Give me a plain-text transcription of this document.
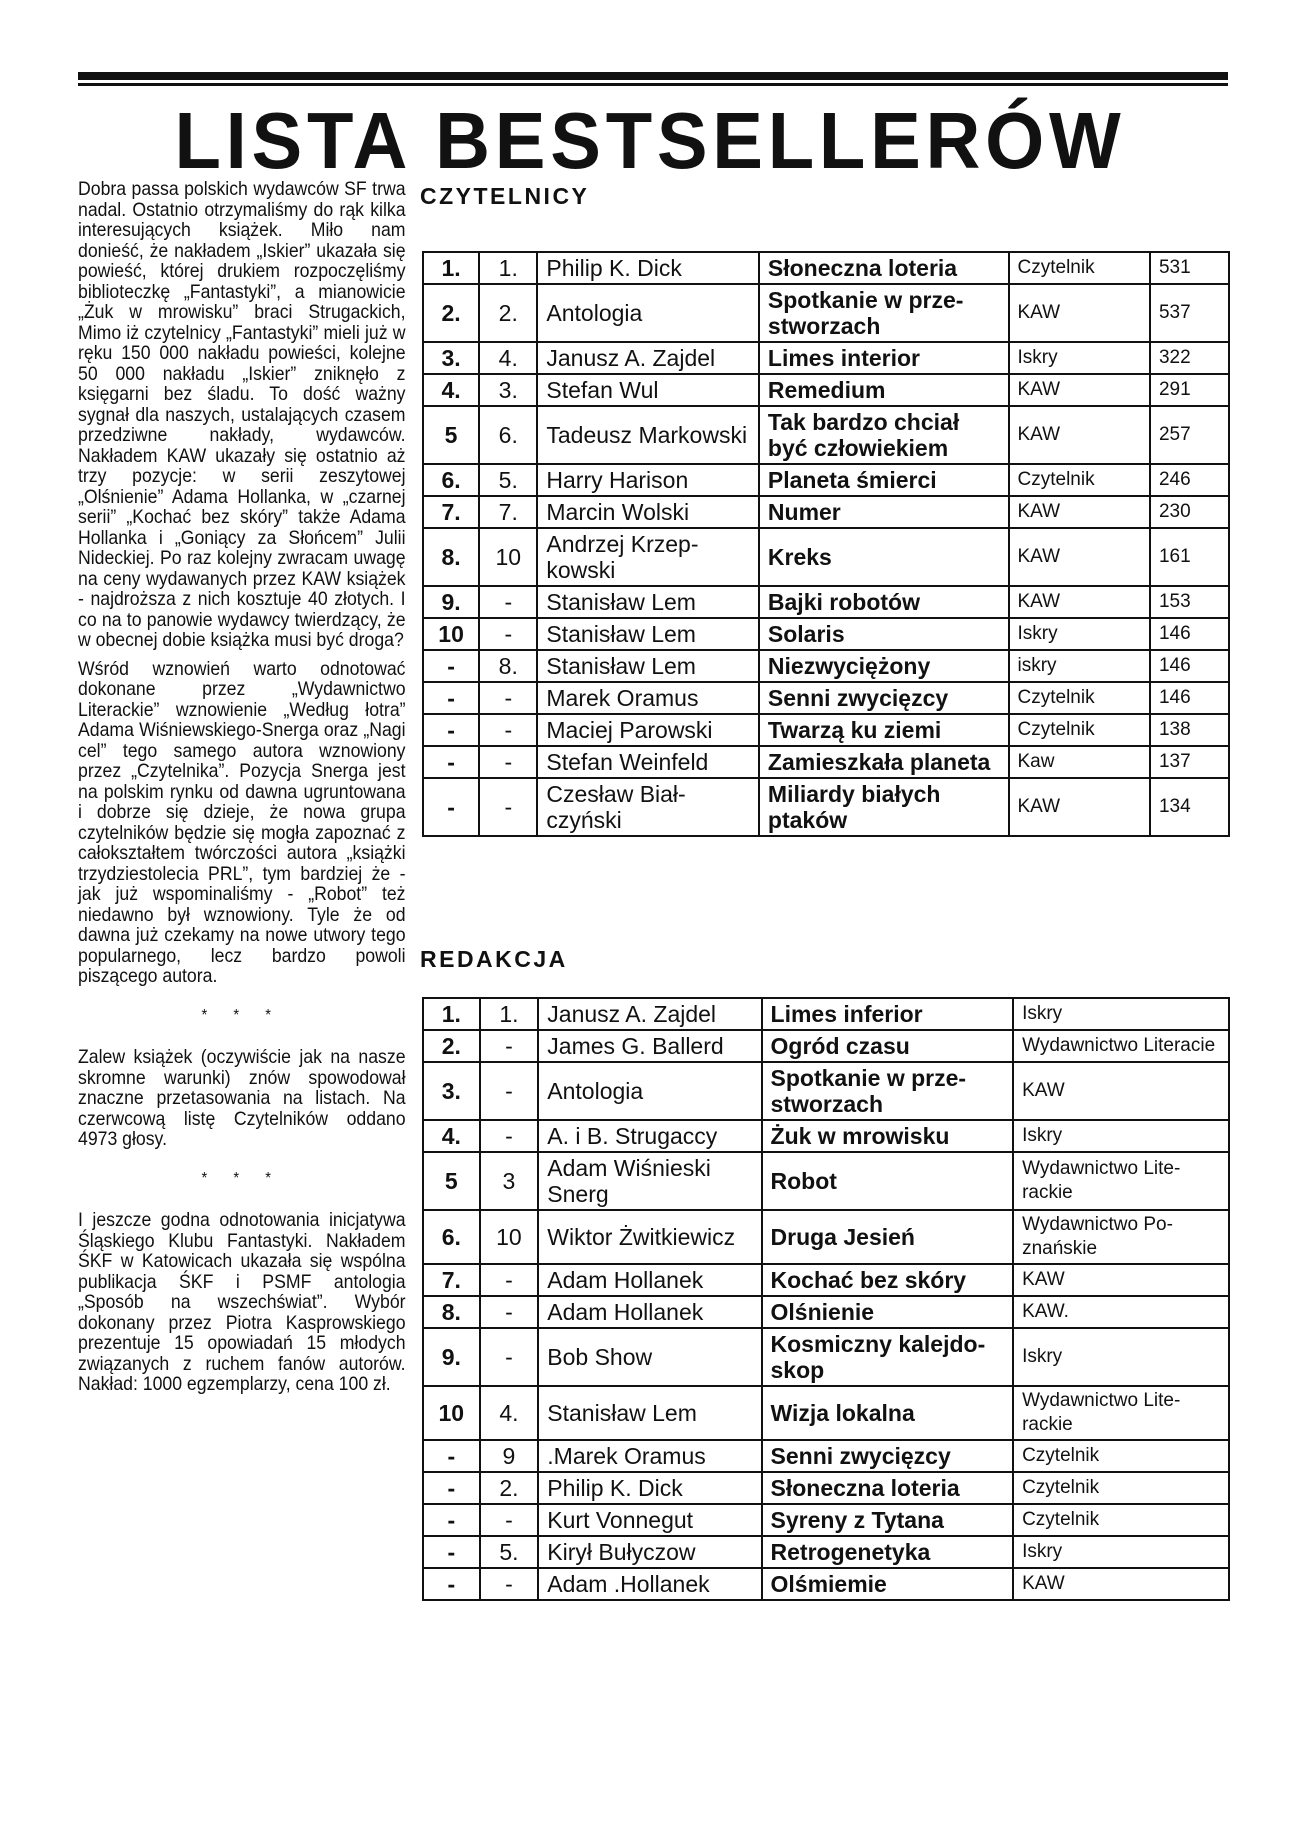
LISTA BESTSELLERÓW

Dobra passa polskich wydawców SF trwa nadal. Ostatnio otrzymaliśmy do rąk kilka interesujących książek. Miło nam donieść, że nakładem „Iskier” ukazała się powieść, której drukiem rozpoczęliśmy biblioteczkę „Fantastyki”, a mianowicie „Żuk w mrowisku” braci Strugackich, Mimo iż czytelnicy „Fantastyki” mieli już w ręku 150 000 nakładu powieści, kolejne 50 000 nakładu „Iskier” zniknęło z księgarni bez śladu. To dość ważny sygnał dla naszych, ustalających czasem przedziwne nakłady, wydawców. Nakładem KAW ukazały się ostatnio aż trzy pozycje: w serii zeszytowej „Olśnienie” Adama Hollanka, w „czarnej serii” „Kochać bez skóry” także Adama Hollanka i „Goniący za Słońcem” Julii Nideckiej. Po raz kolejny zwracam uwagę na ceny wydawanych przez KAW książek - najdroższa z nich kosztuje 40 złotych. I co na to panowie wydawcy twierdzący, że w obecnej dobie książka musi być droga?

Wśród wznowień warto odnotować dokonane przez „Wydawnictwo Literackie” wznowienie „Według łotra” Adama Wiśniewskiego-Snerga oraz „Nagi cel” tego samego autora wznowiony przez „Czytelnika”. Pozycja Snerga jest na polskim rynku od dawna ugruntowana i dobrze się dzieje, że nowa grupa czytelników będzie się mogła zapoznać z całokształtem twórczości autora „książki trzydziestolecia PRL”, tym bardziej że - jak już wspominaliśmy - „Robot” też niedawno był wznowiony. Tyle że od dawna już czekamy na nowe utwory tego popularnego, lecz bardzo powoli piszącego autora.

* * *

Zalew książek (oczywiście jak na nasze skromne warunki) znów spowodował znaczne przetasowania na listach. Na czerwcową listę Czytelników oddano 4973 głosy.

* * *

I jeszcze godna odnotowania inicjatywa Śląskiego Klubu Fantastyki. Nakładem ŚKF w Katowicach ukazała się wspólna publikacja ŚKF i PSMF antologia „Sposób na wszechświat”. Wybór dokonany przez Piotra Kasprowskiego prezentuje 15 opowiadań 15 młodych związanych z ruchem fanów autorów. Nakład: 1000 egzemplarzy, cena 100 zł.

CZYTELNICY
1.	1.	Philip K. Dick	Słoneczna loteria	Czytelnik	531
2.	2.	Antologia	Spotkanie w przestworzach	KAW	537
3.	4.	Janusz A. Zajdel	Limes interior	Iskry	322
4.	3.	Stefan Wul	Remedium	KAW	291
5	6.	Tadeusz Markowski	Tak bardzo chciał być człowiekiem	KAW	257
6.	5.	Harry Harison	Planeta śmierci	Czytelnik	246
7.	7.	Marcin Wolski	Numer	KAW	230
8.	10	Andrzej Krzepkowski	Kreks	KAW	161
9.	-	Stanisław Lem	Bajki robotów	KAW	153
10	-	Stanisław Lem	Solaris	Iskry	146
-	8.	Stanisław Lem	Niezwyciężony	iskry	146
-	-	Marek Oramus	Senni zwycięzcy	Czytelnik	146
-	-	Maciej Parowski	Twarzą ku ziemi	Czytelnik	138
-	-	Stefan Weinfeld	Zamieszkała planeta	Kaw	137
-	-	Czesław Białczyński	Miliardy białych ptaków	KAW	134
REDAKCJA
1.	1.	Janusz A. Zajdel	Limes inferior	Iskry
2.	-	James G. Ballerd	Ogród czasu	Wydawnictwo Literacie
3.	-	Antologia	Spotkanie w przestworzach	KAW
4.	-	A. i B. Strugaccy	Żuk w mrowisku	Iskry
5	3	Adam Wiśnieski Snerg	Robot	Wydawnictwo Literackie
6.	10	Wiktor Żwitkiewicz	Druga Jesień	Wydawnictwo Poznańskie
7.	-	Adam Hollanek	Kochać bez skóry	KAW
8.	-	Adam Hollanek	Olśnienie	KAW.
9.	-	Bob Show	Kosmiczny kalejdoskop	Iskry
10	4.	Stanisław Lem	Wizja lokalna	Wydawnictwo Literackie
-	9	.Marek Oramus	Senni zwycięzcy	Czytelnik
-	2.	Philip K. Dick	Słoneczna loteria	Czytelnik
-	-	Kurt Vonnegut	Syreny z Tytana	Czytelnik
-	5.	Kirył Bułyczow	Retrogenetyka	Iskry
-	-	Adam .Hollanek	Olśmiemie	KAW
